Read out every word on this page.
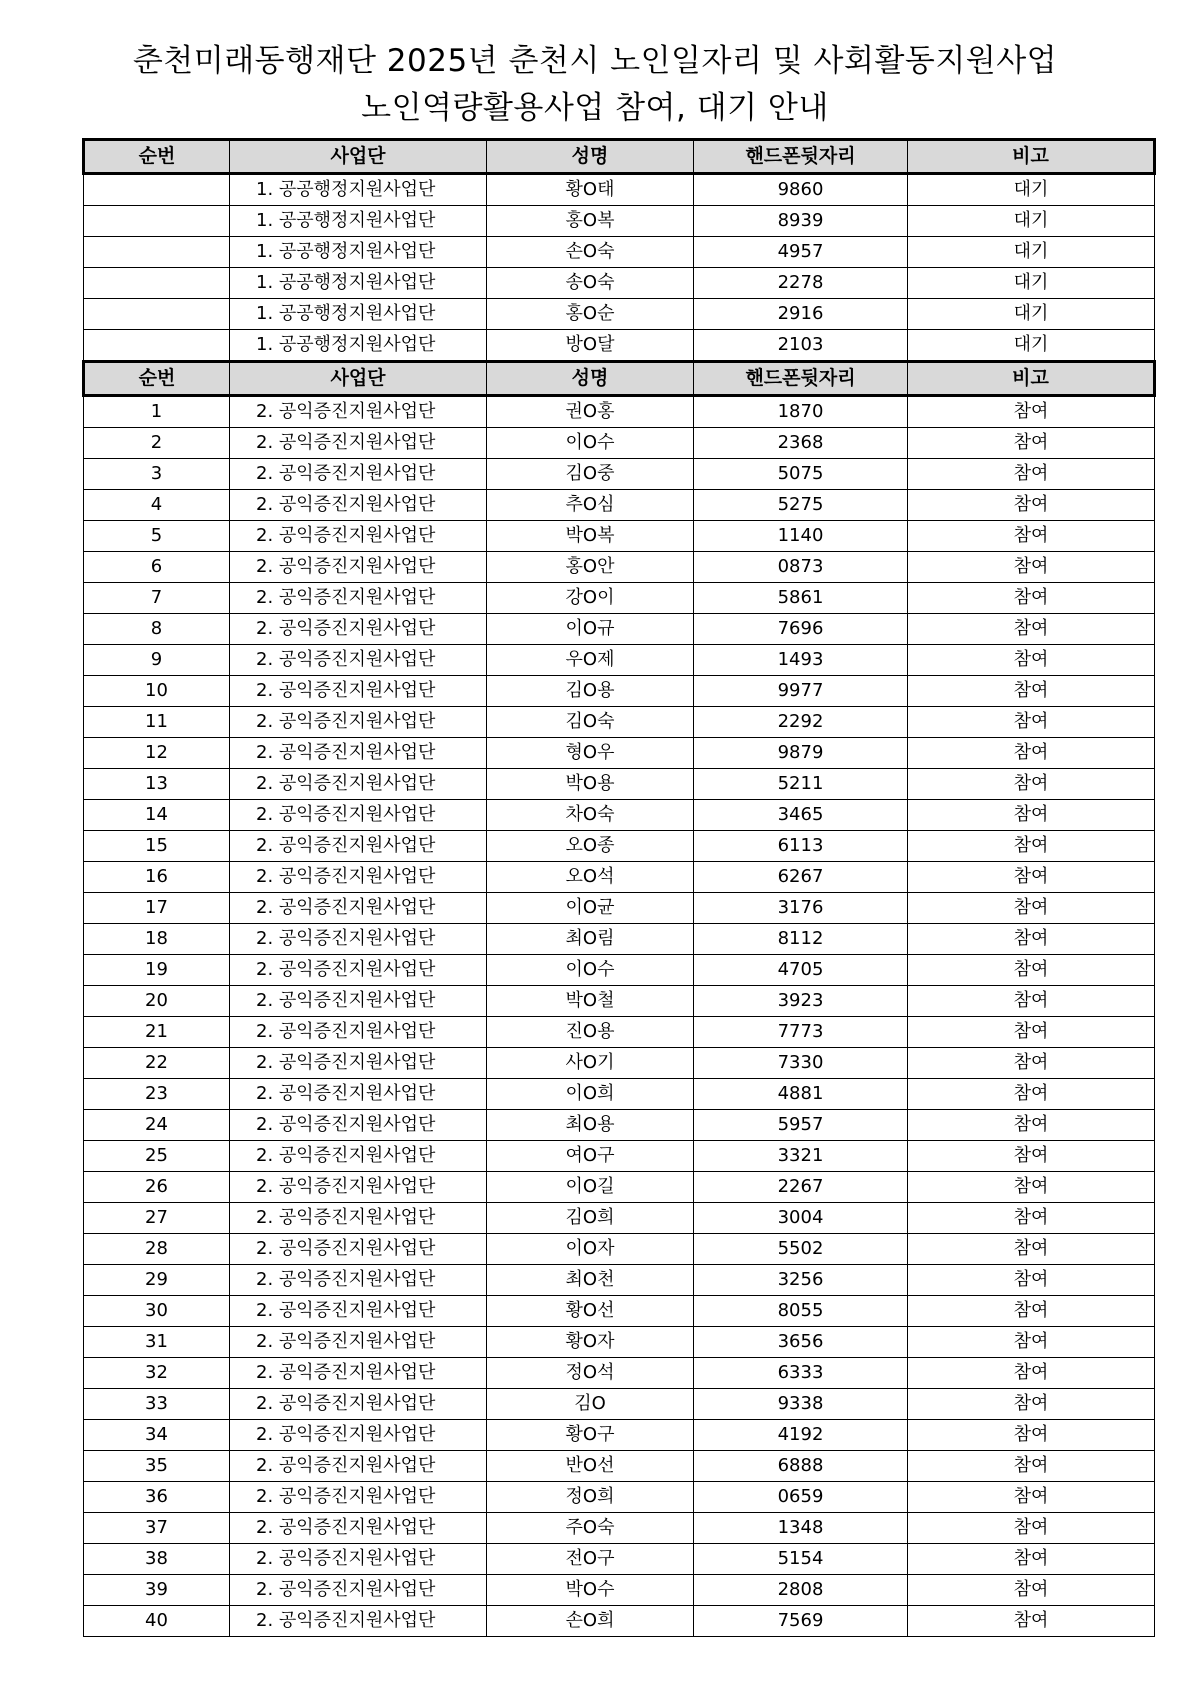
춘천미래동행재단 2025년 춘천시 노인일자리 및 사회활동지원사업
노인역량활용사업 참여, 대기 안내
순번	사업단	성명	핸드폰뒷자리	비고
	1. 공공행정지원사업단	황O태	9860	대기
	1. 공공행정지원사업단	홍O복	8939	대기
	1. 공공행정지원사업단	손O숙	4957	대기
	1. 공공행정지원사업단	송O숙	2278	대기
	1. 공공행정지원사업단	홍O순	2916	대기
	1. 공공행정지원사업단	방O달	2103	대기
순번	사업단	성명	핸드폰뒷자리	비고
1	2. 공익증진지원사업단	권O홍	1870	참여
2	2. 공익증진지원사업단	이O수	2368	참여
3	2. 공익증진지원사업단	김O중	5075	참여
4	2. 공익증진지원사업단	추O심	5275	참여
5	2. 공익증진지원사업단	박O복	1140	참여
6	2. 공익증진지원사업단	홍O안	0873	참여
7	2. 공익증진지원사업단	강O이	5861	참여
8	2. 공익증진지원사업단	이O규	7696	참여
9	2. 공익증진지원사업단	우O제	1493	참여
10	2. 공익증진지원사업단	김O용	9977	참여
11	2. 공익증진지원사업단	김O숙	2292	참여
12	2. 공익증진지원사업단	형O우	9879	참여
13	2. 공익증진지원사업단	박O용	5211	참여
14	2. 공익증진지원사업단	차O숙	3465	참여
15	2. 공익증진지원사업단	오O종	6113	참여
16	2. 공익증진지원사업단	오O석	6267	참여
17	2. 공익증진지원사업단	이O균	3176	참여
18	2. 공익증진지원사업단	최O림	8112	참여
19	2. 공익증진지원사업단	이O수	4705	참여
20	2. 공익증진지원사업단	박O철	3923	참여
21	2. 공익증진지원사업단	진O용	7773	참여
22	2. 공익증진지원사업단	사O기	7330	참여
23	2. 공익증진지원사업단	이O희	4881	참여
24	2. 공익증진지원사업단	최O용	5957	참여
25	2. 공익증진지원사업단	여O구	3321	참여
26	2. 공익증진지원사업단	이O길	2267	참여
27	2. 공익증진지원사업단	김O희	3004	참여
28	2. 공익증진지원사업단	이O자	5502	참여
29	2. 공익증진지원사업단	최O천	3256	참여
30	2. 공익증진지원사업단	황O선	8055	참여
31	2. 공익증진지원사업단	황O자	3656	참여
32	2. 공익증진지원사업단	정O석	6333	참여
33	2. 공익증진지원사업단	김O	9338	참여
34	2. 공익증진지원사업단	황O구	4192	참여
35	2. 공익증진지원사업단	반O선	6888	참여
36	2. 공익증진지원사업단	정O희	0659	참여
37	2. 공익증진지원사업단	주O숙	1348	참여
38	2. 공익증진지원사업단	전O구	5154	참여
39	2. 공익증진지원사업단	박O수	2808	참여
40	2. 공익증진지원사업단	손O희	7569	참여
